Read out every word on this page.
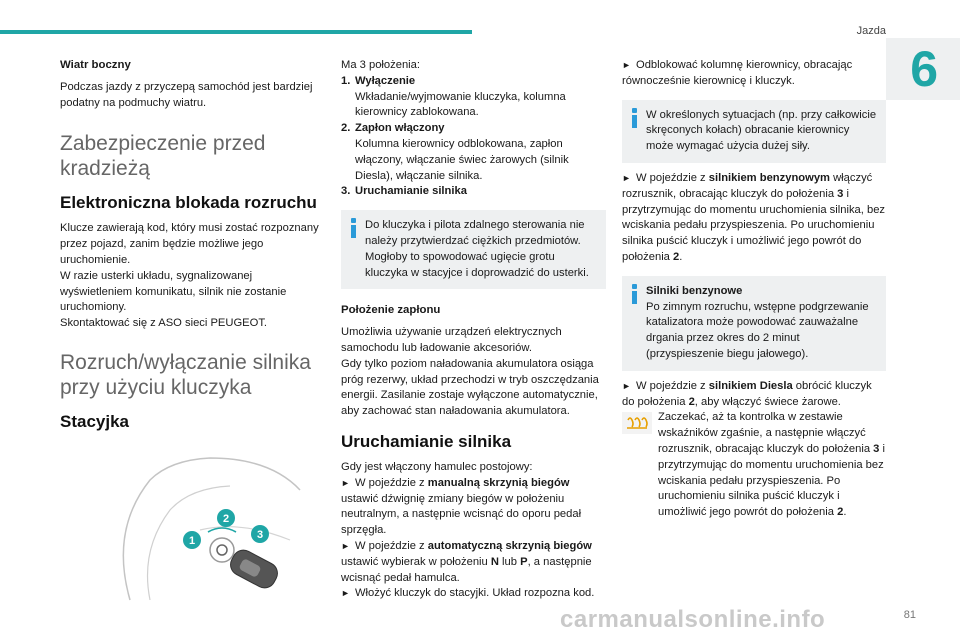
Jazda
6
Wiatr boczny

Podczas jazdy z przyczepą samochód jest bardziej podatny na podmuchy wiatru.

Zabezpieczenie przed kradzieżą
Elektroniczna blokada rozruchu

Klucze zawierają kod, który musi zostać rozpoznany przez pojazd, zanim będzie możliwe jego uruchomienie.

W razie usterki układu, sygnalizowanej wyświetleniem komunikatu, silnik nie zostanie uruchomiony.

Skontaktować się z ASO sieci PEUGEOT.

Rozruch/wyłączanie silnika przy użyciu kluczyka
Stacyjka
1
2
3

Ma 3 położenia:

1. Wyłączenie
Wkładanie/wyjmowanie kluczyka, kolumna kierownicy zablokowana.
2. Zapłon włączony
Kolumna kierownicy odblokowana, zapłon włączony, włączanie świec żarowych (silnik Diesla), włączanie silnika.
3. Uruchamianie silnika

Do kluczyka i pilota zdalnego sterowania nie należy przytwierdzać ciężkich przedmiotów. Mogłoby to spowodować ugięcie grotu kluczyka w stacyjce i doprowadzić do usterki.

Położenie zapłonu

Umożliwia używanie urządzeń elektrycznych samochodu lub ładowanie akcesoriów.

Gdy tylko poziom naładowania akumulatora osiąga próg rezerwy, układ przechodzi w tryb oszczędzania energii. Zasilanie zostaje wyłączone automatycznie, aby zachować stan naładowania akumulatora.

Uruchamianie silnika

Gdy jest włączony hamulec postojowy:

► W pojeździe z manualną skrzynią biegów ustawić dźwignię zmiany biegów w położeniu neutralnym, a następnie wcisnąć do oporu pedał sprzęgła.

► W pojeździe z automatyczną skrzynią biegów ustawić wybierak w położeniu N lub P, a następnie wcisnąć pedał hamulca.

► Włożyć kluczyk do stacyjki. Układ rozpozna kod.

► Odblokować kolumnę kierownicy, obracając równocześnie kierownicę i kluczyk.

W określonych sytuacjach (np. przy całkowicie skręconych kołach) obracanie kierownicy może wymagać użycia dużej siły.

► W pojeździe z silnikiem benzynowym włączyć rozrusznik, obracając kluczyk do położenia 3 i przytrzymując do momentu uruchomienia silnika, bez wciskania pedału przyspieszenia. Po uruchomieniu silnika puścić kluczyk i umożliwić jego powrót do położenia 2.

Silniki benzynowe

Po zimnym rozruchu, wstępne podgrzewanie katalizatora może powodować zauważalne drgania przez okres do 2 minut (przyspieszenie biegu jałowego).

► W pojeździe z silnikiem Diesla obrócić kluczyk do położenia 2, aby włączyć świece żarowe.

Zaczekać, aż ta kontrolka w zestawie wskaźników zgaśnie, a następnie włączyć rozrusznik, obracając kluczyk do położenia 3 i przytrzymując do momentu uruchomienia bez wciskania pedału przyspieszenia. Po uruchomieniu silnika puścić kluczyk i umożliwić jego powrót do położenia 2.

81
carmanualsonline.info
